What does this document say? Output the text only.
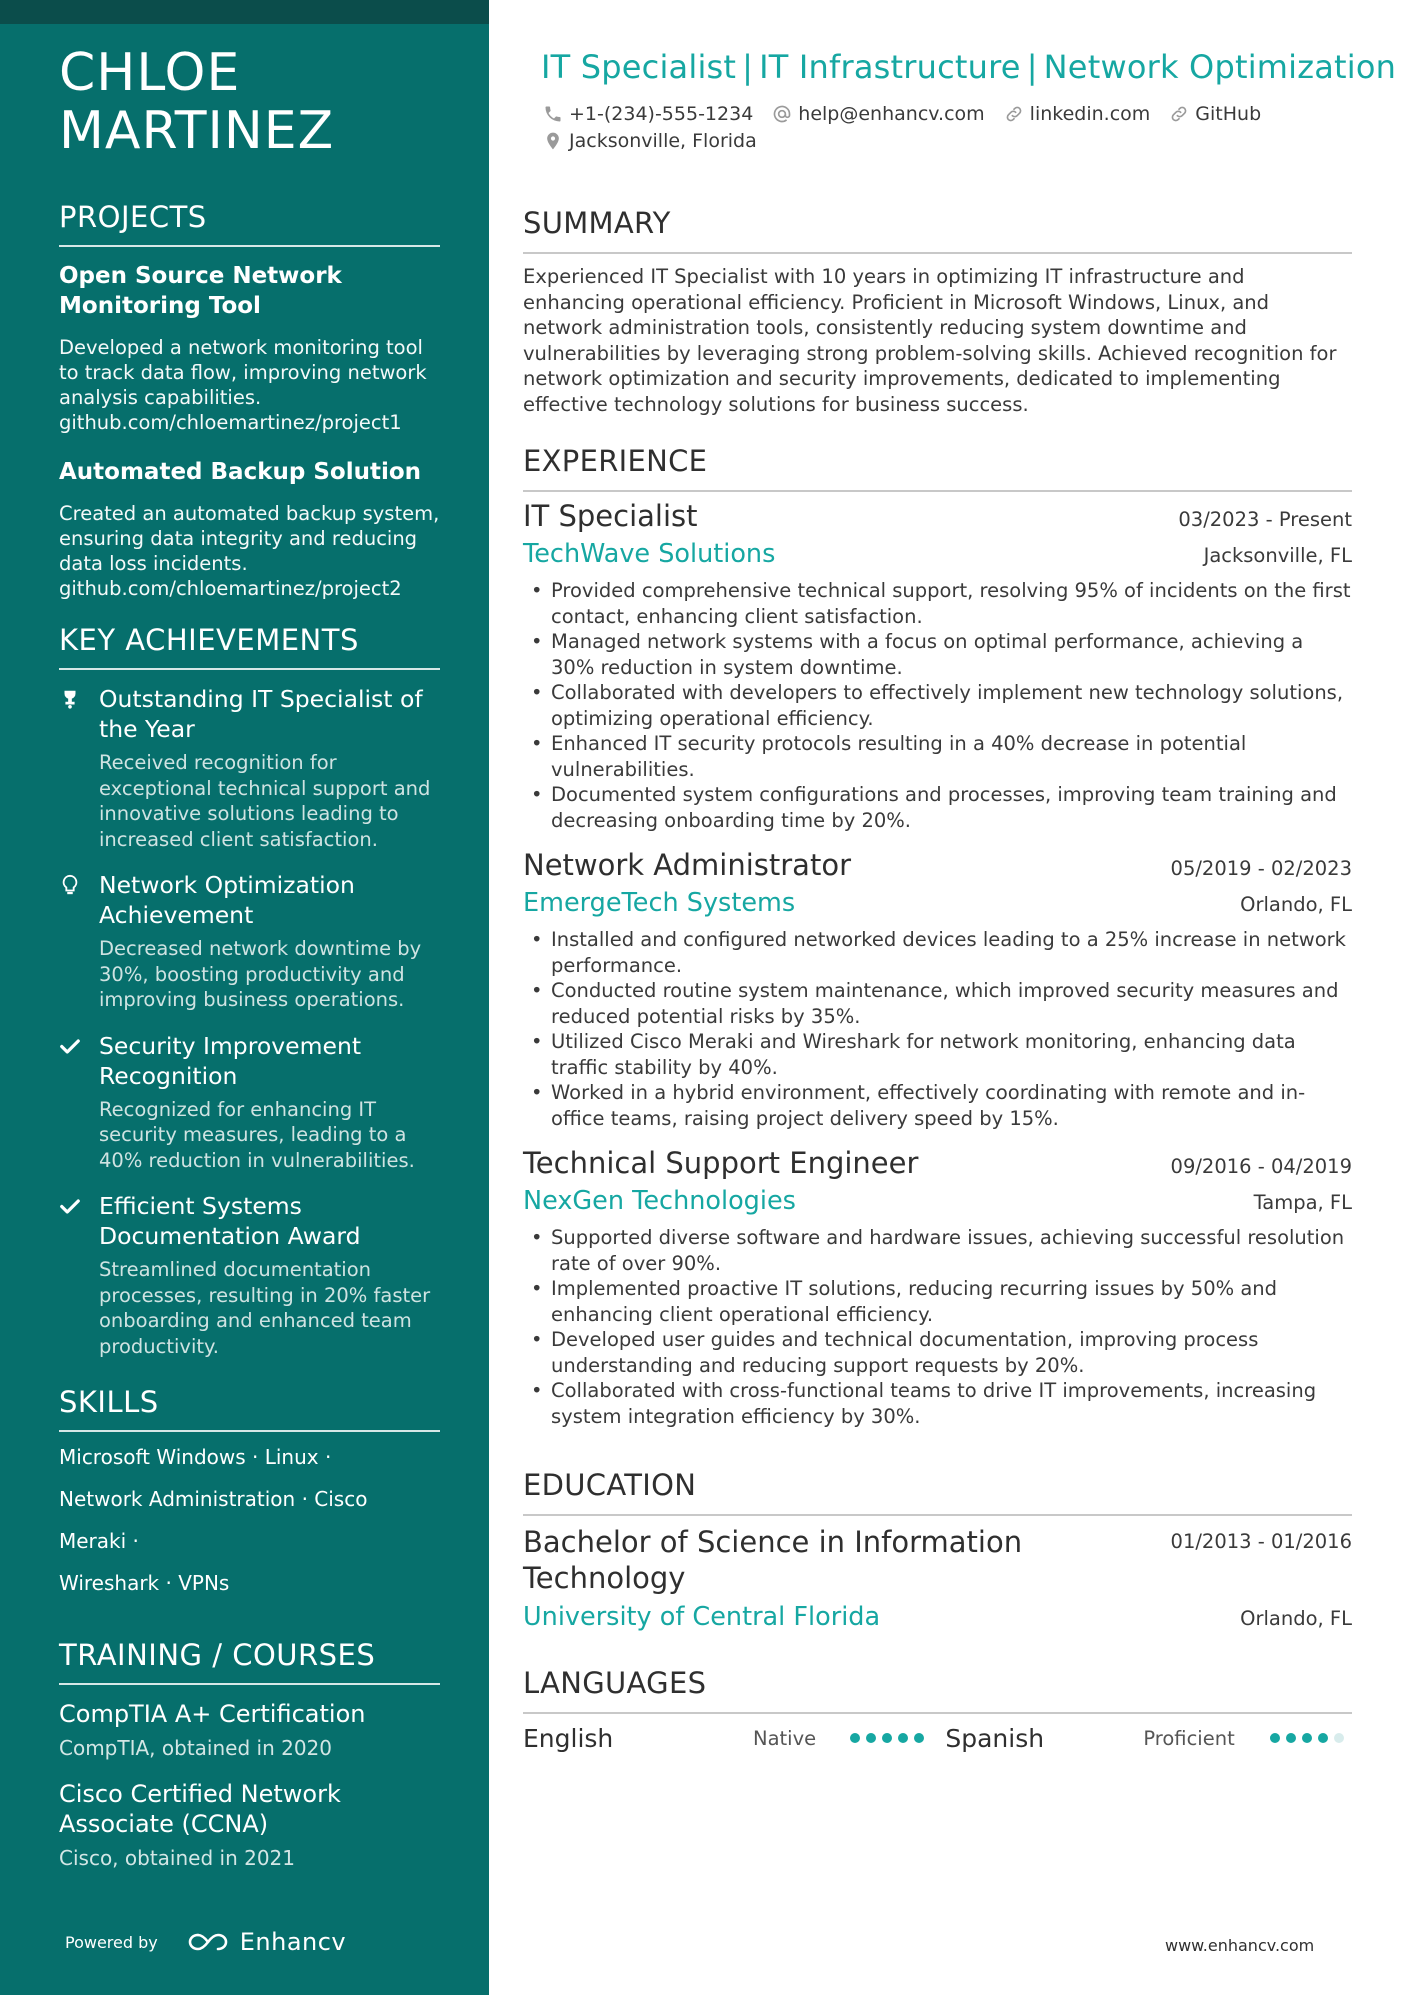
CHLOE
MARTINEZ
PROJECTS
Open Source Network Monitoring Tool
Developed a network monitoring tool to track data flow, improving network analysis capabilities. github.com/chloemartinez/project1
Automated Backup Solution
Created an automated backup system, ensuring data integrity and reducing data loss incidents. github.com/chloemartinez/project2
KEY ACHIEVEMENTS
Outstanding IT Specialist of the Year
Received recognition for exceptional technical support and innovative solutions leading to increased client satisfaction.
Network Optimization Achievement
Decreased network downtime by 30%, boosting productivity and improving business operations.
Security Improvement Recognition
Recognized for enhancing IT security measures, leading to a 40% reduction in vulnerabilities.
Efficient Systems Documentation Award
Streamlined documentation processes, resulting in 20% faster onboarding and enhanced team productivity.
SKILLS
Microsoft Windows · Linux ·
Network Administration · Cisco Meraki ·
Wireshark · VPNs
TRAINING / COURSES
CompTIA A+ Certification
CompTIA, obtained in 2020
Cisco Certified Network Associate (CCNA)
Cisco, obtained in 2021
Powered by	Enhancv
IT Specialist | IT Infrastructure | Network Optimization
+1-(234)-555-1234 help@enhancv.com linkedin.com GitHub
Jacksonville, Florida
SUMMARY
Experienced IT Specialist with 10 years in optimizing IT infrastructure and enhancing operational efficiency. Proficient in Microsoft Windows, Linux, and network administration tools, consistently reducing system downtime and vulnerabilities by leveraging strong problem-solving skills. Achieved recognition for network optimization and security improvements, dedicated to implementing effective technology solutions for business success.
EXPERIENCE
IT Specialist	03/2023 - Present
TechWave Solutions	Jacksonville, FL
• Provided comprehensive technical support, resolving 95% of incidents on the first contact, enhancing client satisfaction.
• Managed network systems with a focus on optimal performance, achieving a 30% reduction in system downtime.
• Collaborated with developers to effectively implement new technology solutions, optimizing operational efficiency.
• Enhanced IT security protocols resulting in a 40% decrease in potential vulnerabilities.
• Documented system configurations and processes, improving team training and decreasing onboarding time by 20%.
Network Administrator	05/2019 - 02/2023
EmergeTech Systems	Orlando, FL
• Installed and configured networked devices leading to a 25% increase in network performance.
• Conducted routine system maintenance, which improved security measures and reduced potential risks by 35%.
• Utilized Cisco Meraki and Wireshark for network monitoring, enhancing data traffic stability by 40%.
• Worked in a hybrid environment, effectively coordinating with remote and in-office teams, raising project delivery speed by 15%.
Technical Support Engineer	09/2016 - 04/2019
NexGen Technologies	Tampa, FL
• Supported diverse software and hardware issues, achieving successful resolution rate of over 90%.
• Implemented proactive IT solutions, reducing recurring issues by 50% and enhancing client operational efficiency.
• Developed user guides and technical documentation, improving process understanding and reducing support requests by 20%.
• Collaborated with cross-functional teams to drive IT improvements, increasing system integration efficiency by 30%.
EDUCATION
Bachelor of Science in Information Technology
01/2013 - 01/2016
University of Central Florida	Orlando, FL
LANGUAGES
English	Native	Spanish	Proficient
www.enhancv.com
